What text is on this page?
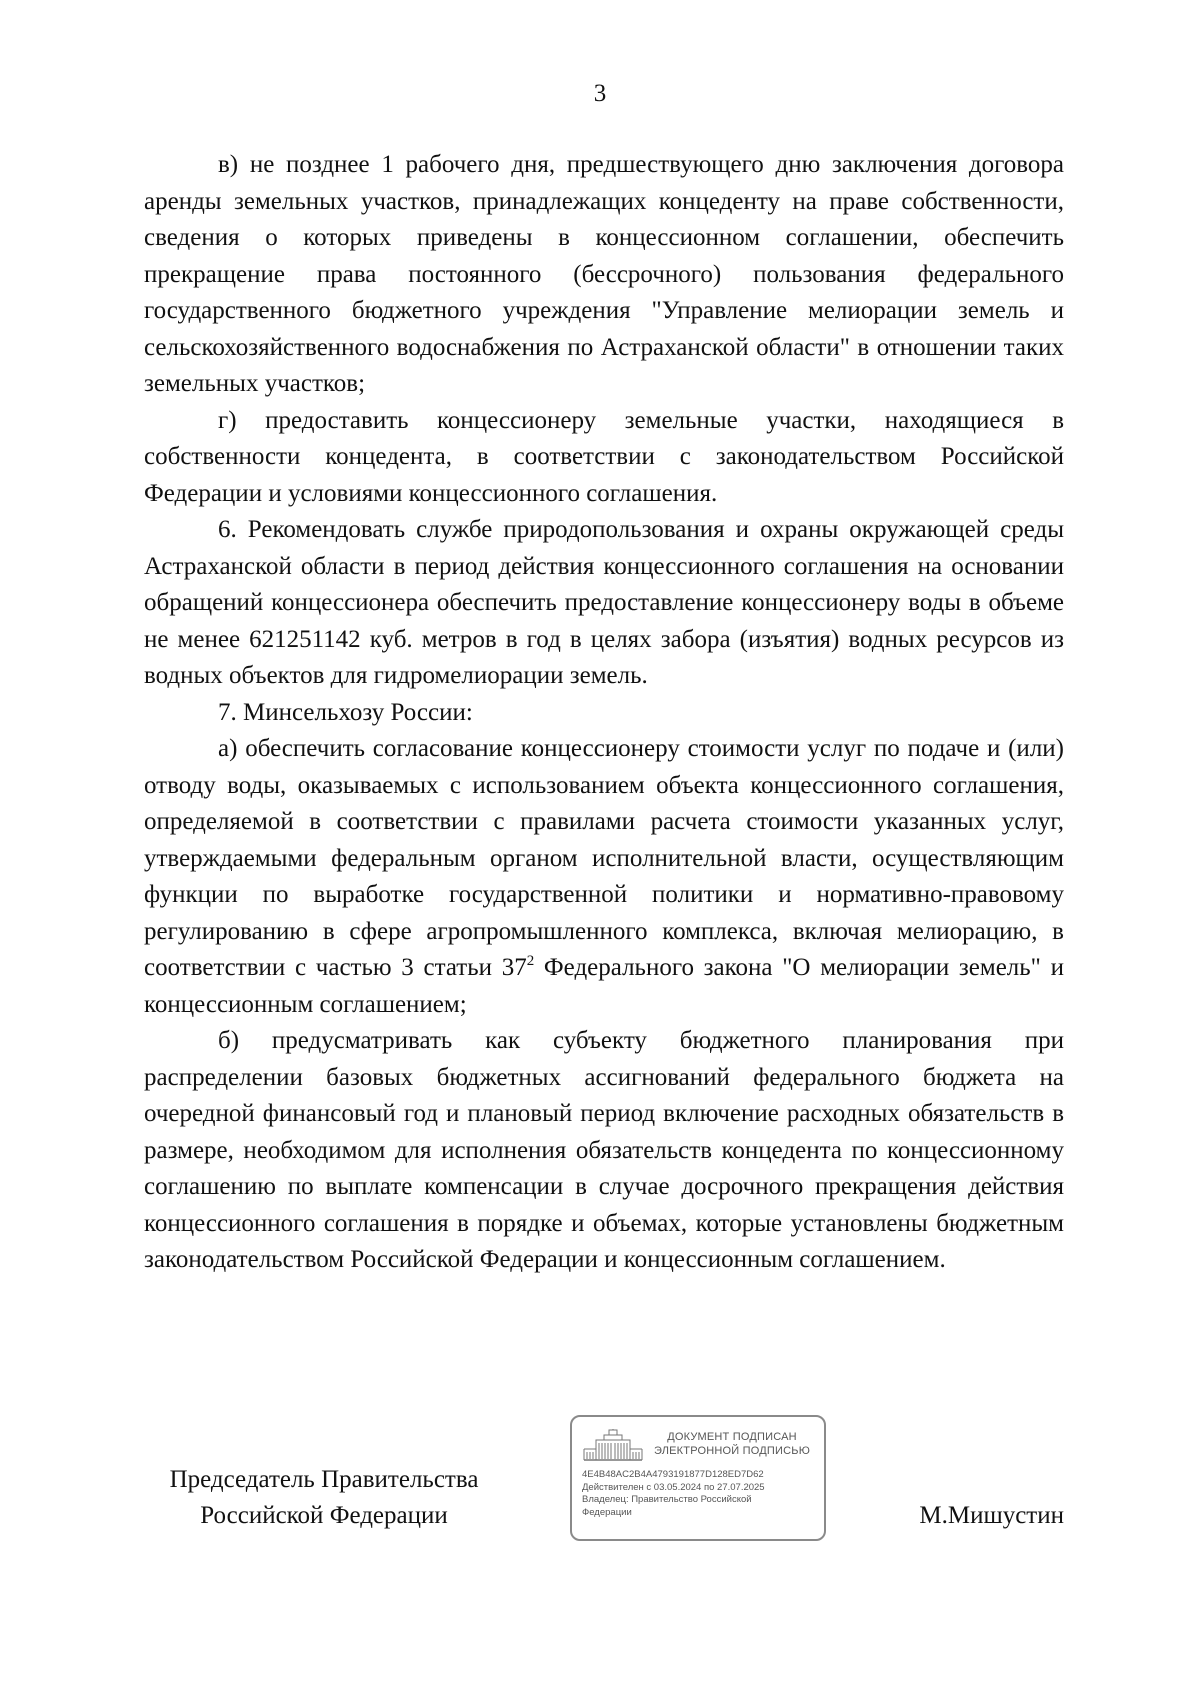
3

в) не позднее 1 рабочего дня, предшествующего дню заключения договора аренды земельных участков, принадлежащих концеденту на праве собственности, сведения о которых приведены в концессионном соглашении, обеспечить прекращение права постоянного (бессрочного) пользования федерального государственного бюджетного учреждения "Управление мелиорации земель и сельскохозяйственного водоснабжения по Астраханской области" в отношении таких земельных участков;

г) предоставить концессионеру земельные участки, находящиеся в собственности концедента, в соответствии с законодательством Российской Федерации и условиями концессионного соглашения.

6. Рекомендовать службе природопользования и охраны окружающей среды Астраханской области в период действия концессионного соглашения на основании обращений концессионера обеспечить предоставление концессионеру воды в объеме не менее 621251142 куб. метров в год в целях забора (изъятия) водных ресурсов из водных объектов для гидромелиорации земель.

7. Минсельхозу России:

а) обеспечить согласование концессионеру стоимости услуг по подаче и (или) отводу воды, оказываемых с использованием объекта концессионного соглашения, определяемой в соответствии с правилами расчета стоимости указанных услуг, утверждаемыми федеральным органом исполнительной власти, осуществляющим функции по выработке государственной политики и нормативно-правовому регулированию в сфере агропромышленного комплекса, включая мелиорацию, в соответствии с частью 3 статьи $37^2$ Федерального закона "О мелиорации земель" и концессионным соглашением;

б) предусматривать как субъекту бюджетного планирования при распределении базовых бюджетных ассигнований федерального бюджета на очередной финансовый год и плановый период включение расходных обязательств в размере, необходимом для исполнения обязательств концедента по концессионному соглашению по выплате компенсации в случае досрочного прекращения действия концессионного соглашения в порядке и объемах, которые установлены бюджетным законодательством Российской Федерации и концессионным соглашением.

Председатель Правительства
Российской Федерации
ДОКУМЕНТ ПОДПИСАН
ЭЛЕКТРОННОЙ ПОДПИСЬЮ
4E4B48AC2B4A4793191877D128ED7D62
Действителен с 03.05.2024 по 27.07.2025
Владелец: Правительство Российской
Федерации	М.Мишустин
